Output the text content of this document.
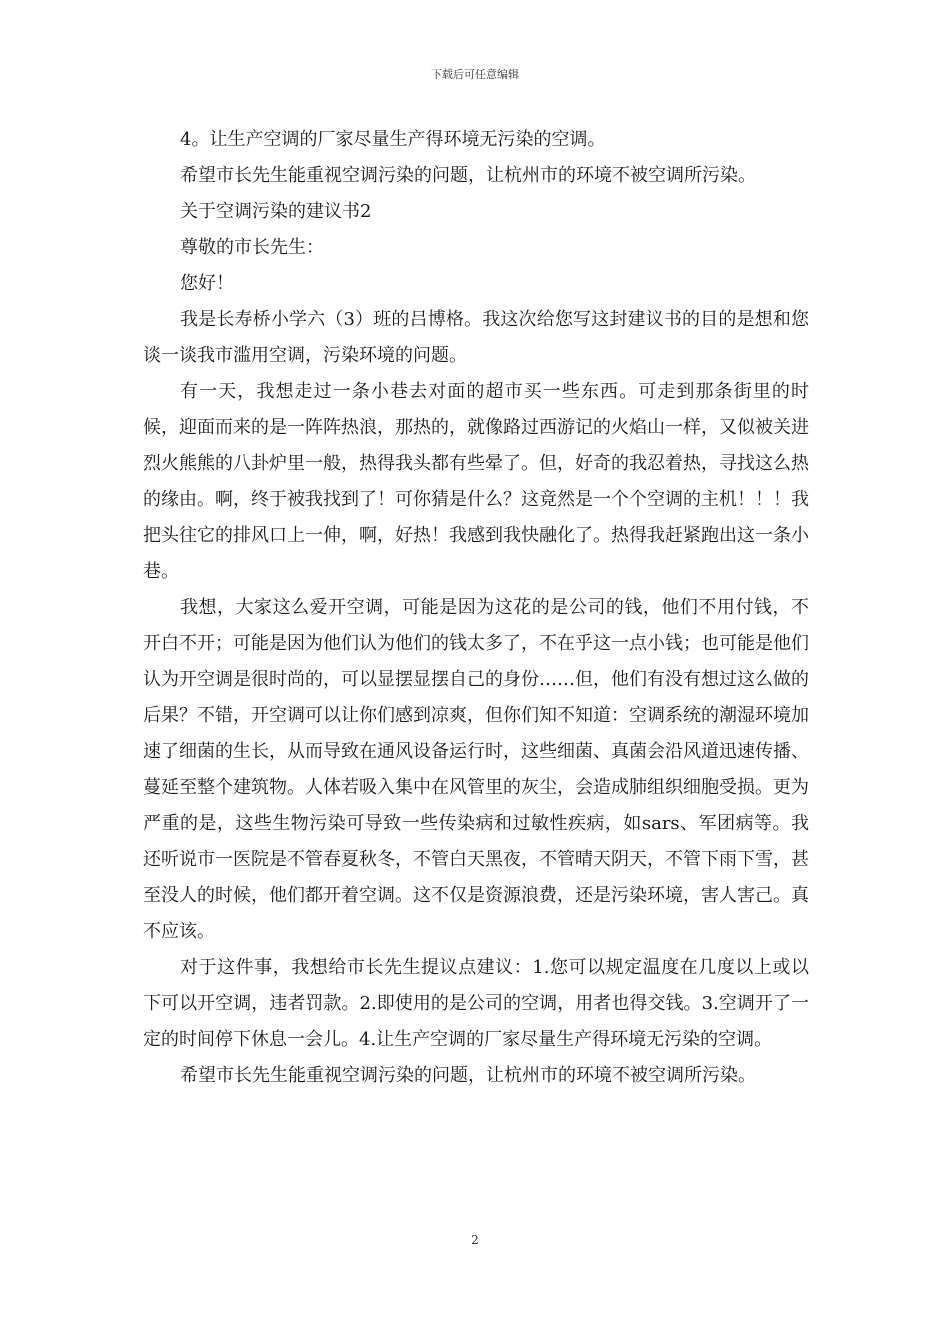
下载后可任意编辑

4。让生产空调的厂家尽量生产得环境无污染的空调。

希望市长先生能重视空调污染的问题，让杭州市的环境不被空调所污染。

关于空调污染的建议书2

尊敬的市长先生：

您好！

我是长寿桥小学六（3）班的吕博格。我这次给您写这封建议书的目的是想和您谈一谈我市滥用空调，污染环境的问题。

有一天，我想走过一条小巷去对面的超市买一些东西。可走到那条街里的时候，迎面而来的是一阵阵热浪，那热的，就像路过西游记的火焰山一样，又似被关进烈火熊熊的八卦炉里一般，热得我头都有些晕了。但，好奇的我忍着热，寻找这么热的缘由。啊，终于被我找到了！可你猜是什么？这竟然是一个个空调的主机！！！我把头往它的排风口上一伸，啊，好热！我感到我快融化了。热得我赶紧跑出这一条小巷。

我想，大家这么爱开空调，可能是因为这花的是公司的钱，他们不用付钱，不开白不开；可能是因为他们认为他们的钱太多了，不在乎这一点小钱；也可能是他们认为开空调是很时尚的，可以显摆显摆自己的身份……但，他们有没有想过这么做的后果？不错，开空调可以让你们感到凉爽，但你们知不知道：空调系统的潮湿环境加速了细菌的生长，从而导致在通风设备运行时，这些细菌、真菌会沿风道迅速传播、蔓延至整个建筑物。人体若吸入集中在风管里的灰尘，会造成肺组织细胞受损。更为严重的是，这些生物污染可导致一些传染病和过敏性疾病，如sars、军团病等。我还听说市一医院是不管春夏秋冬，不管白天黑夜，不管晴天阴天，不管下雨下雪，甚至没人的时候，他们都开着空调。这不仅是资源浪费，还是污染环境，害人害己。真不应该。

对于这件事，我想给市长先生提议点建议：1.您可以规定温度在几度以上或以下可以开空调，违者罚款。2.即使用的是公司的空调，用者也得交钱。3.空调开了一定的时间停下休息一会儿。4.让生产空调的厂家尽量生产得环境无污染的空调。

希望市长先生能重视空调污染的问题，让杭州市的环境不被空调所污染。

2
